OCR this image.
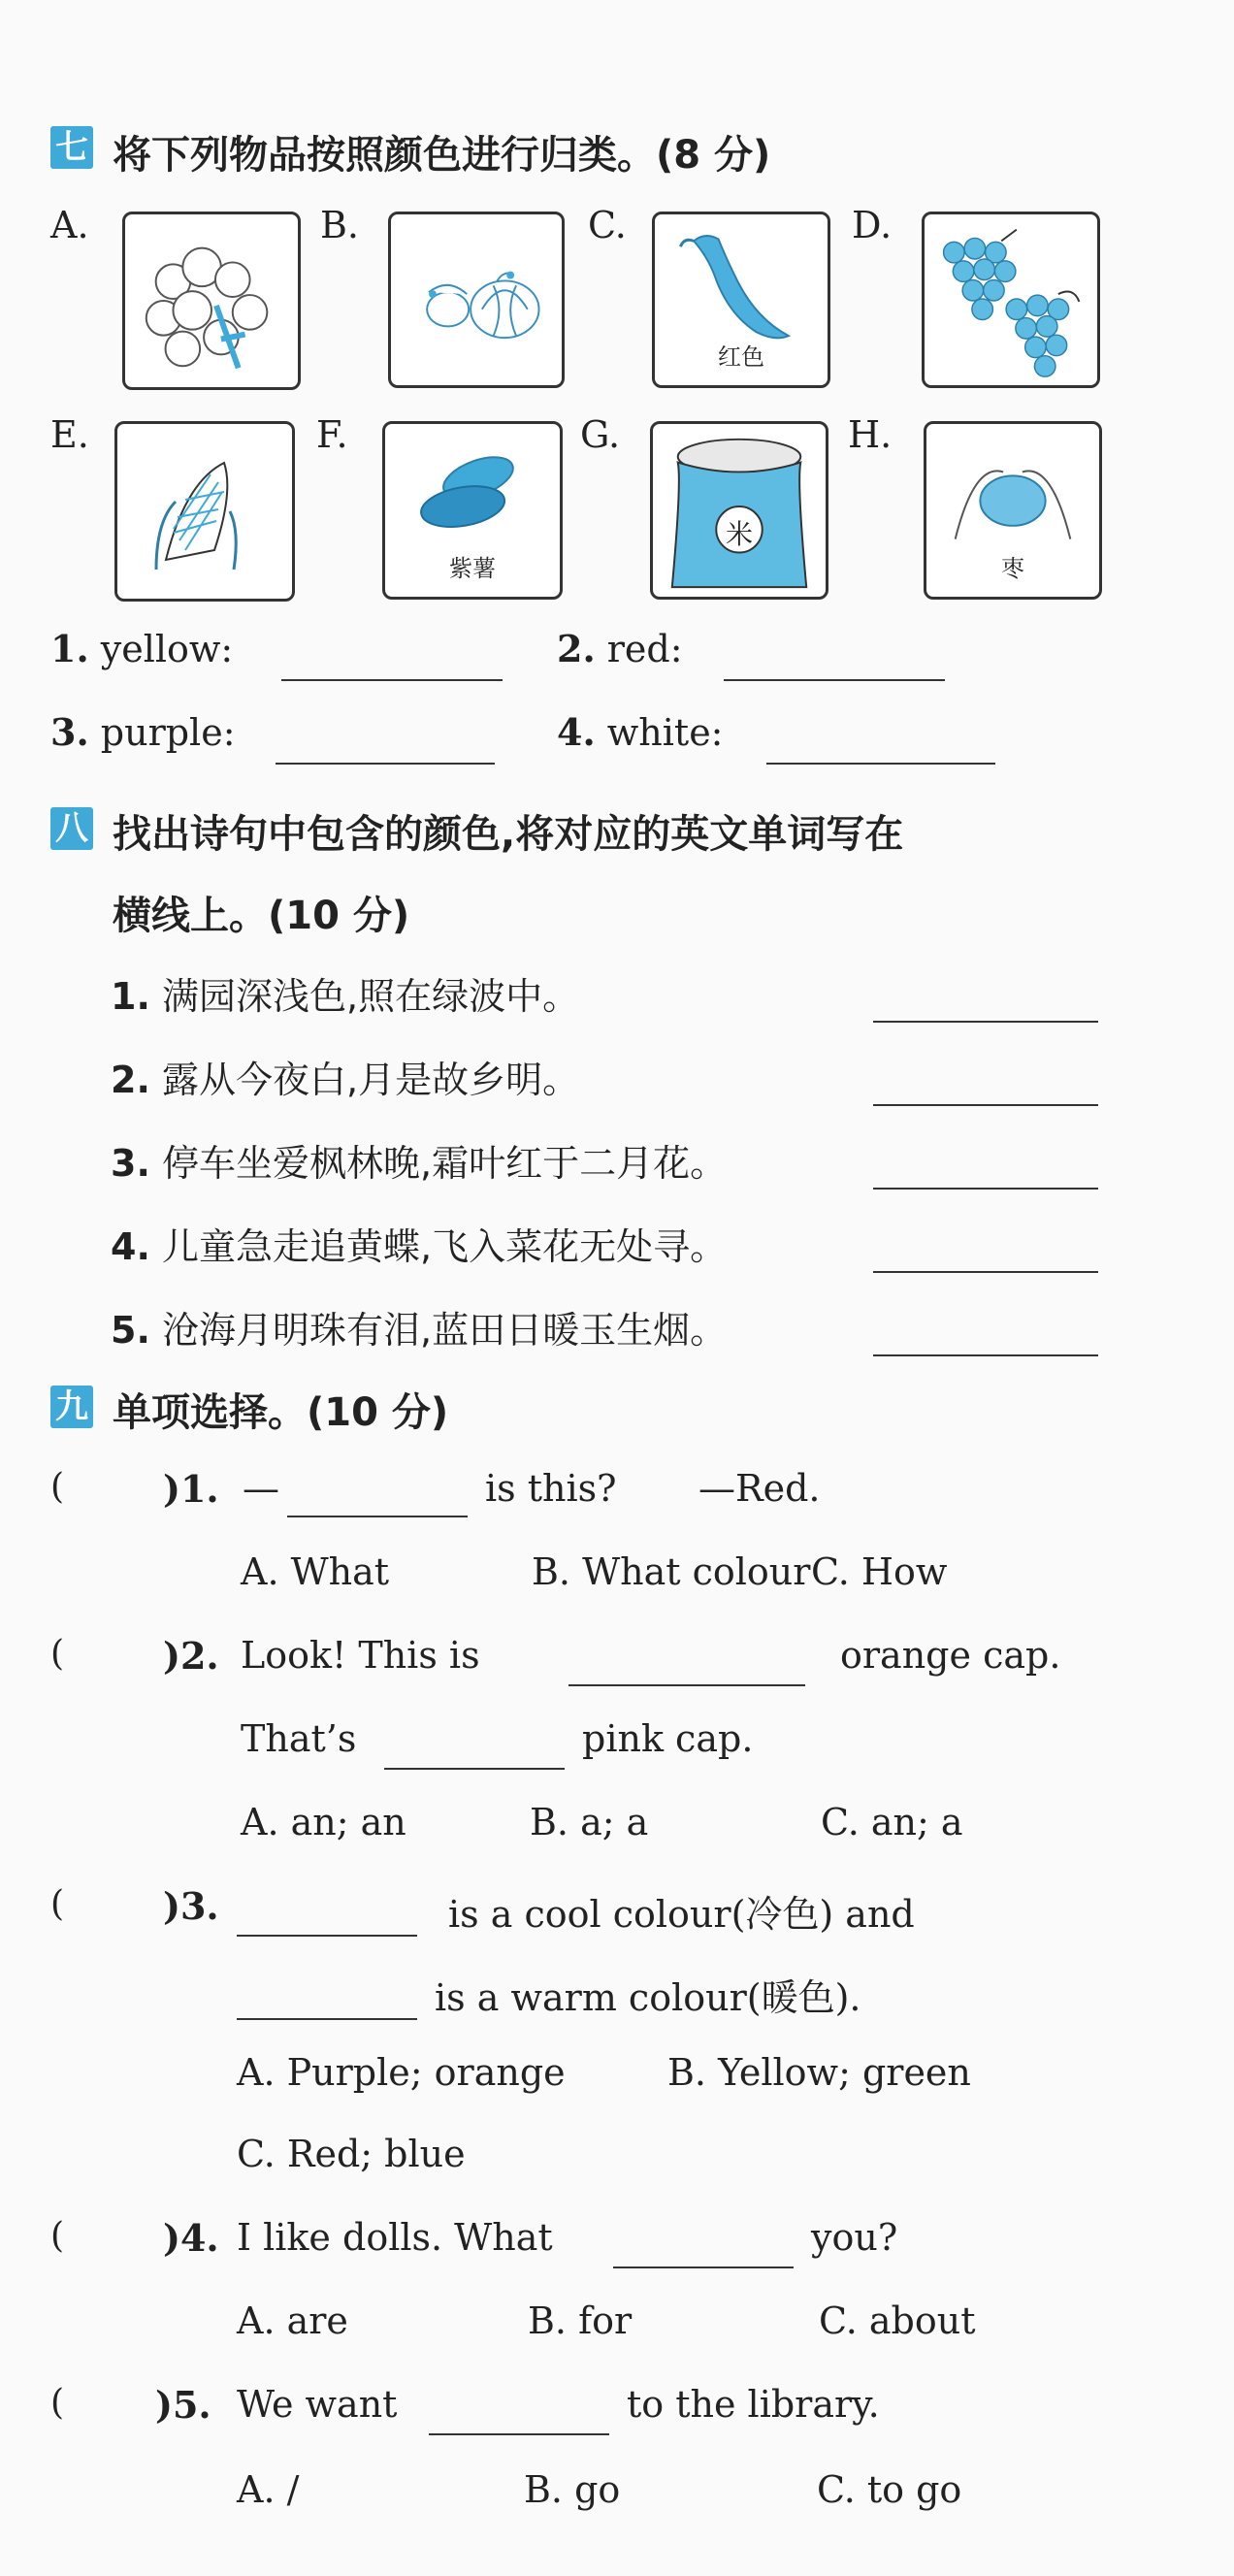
七 将下列物品按照颜色进行归类。(8 分)
A.	B.	C.
红色
D.
E.	F.
紫薯
G.
米
H.
枣
1. yellow:	2. red:
3. purple:	4. white:
八 找出诗句中包含的颜色,将对应的英文单词写在
横线上。(10 分)
1. 满园深浅色,照在绿波中。
2. 露从今夜白,月是故乡明。
3. 停车坐爱枫林晚,霜叶红于二月花。
4. 儿童急走追黄蝶,飞入菜花无处寻。
5. 沧海月明珠有泪,蓝田日暖玉生烟。
九 单项选择。(10 分)
(	)1. —	is this? —Red.
A. What	B. What colour C. How
(	)2. Look! This is	orange cap.
That’s	pink cap.
A. an; an	B. a; a	C. an; a
(	)3.	is a cool colour(冷色) and
is a warm colour(暖色).
A. Purple; orange	B. Yellow; green
C. Red; blue
(	)4. I like dolls. What	you?
A. are	B. for	C. about
( )5. We want	to the library.
A. /	B. go	C. to go
